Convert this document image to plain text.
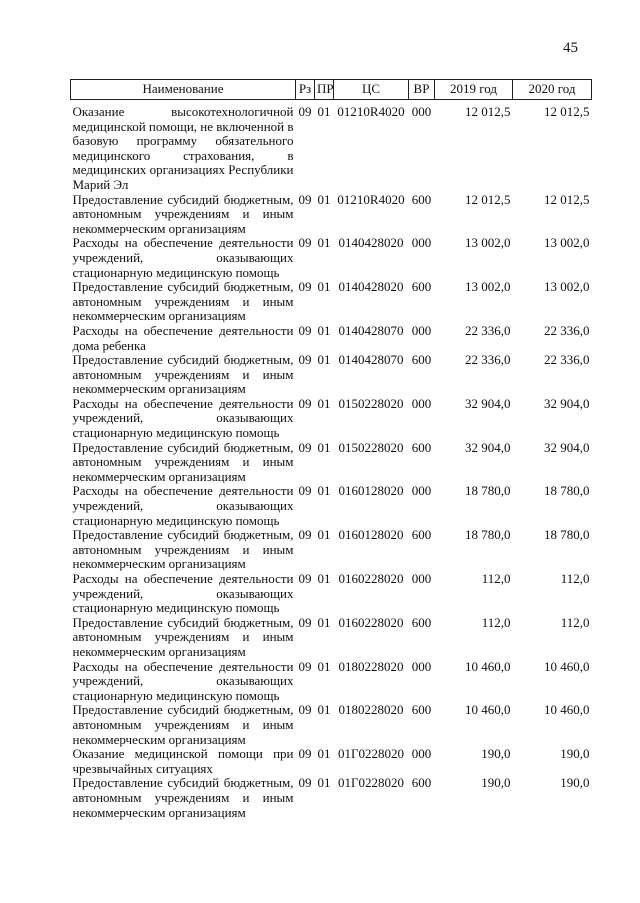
45
Наименование	Рз	ПР	ЦС	ВР	2019 год	2020 год
Оказание высокотехнологичной медицинской помощи, не включенной в базовую программу обязательного медицинского страхования, в медицинских организациях Республики Марий Эл	09	01	01210R4020	000	12 012,5	12 012,5
Предоставление субсидий бюджетным, автономным учреждениям и иным некоммерческим организациям	09	01	01210R4020	600	12 012,5	12 012,5
Расходы на обеспечение деятельности учреждений, оказывающих стационарную медицинскую помощь	09	01	0140428020	000	13 002,0	13 002,0
Предоставление субсидий бюджетным, автономным учреждениям и иным некоммерческим организациям	09	01	0140428020	600	13 002,0	13 002,0
Расходы на обеспечение деятельности дома ребенка	09	01	0140428070	000	22 336,0	22 336,0
Предоставление субсидий бюджетным, автономным учреждениям и иным некоммерческим организациям	09	01	0140428070	600	22 336,0	22 336,0
Расходы на обеспечение деятельности учреждений, оказывающих стационарную медицинскую помощь	09	01	0150228020	000	32 904,0	32 904,0
Предоставление субсидий бюджетным, автономным учреждениям и иным некоммерческим организациям	09	01	0150228020	600	32 904,0	32 904,0
Расходы на обеспечение деятельности учреждений, оказывающих стационарную медицинскую помощь	09	01	0160128020	000	18 780,0	18 780,0
Предоставление субсидий бюджетным, автономным учреждениям и иным некоммерческим организациям	09	01	0160128020	600	18 780,0	18 780,0
Расходы на обеспечение деятельности учреждений, оказывающих стационарную медицинскую помощь	09	01	0160228020	000	112,0	112,0
Предоставление субсидий бюджетным, автономным учреждениям и иным некоммерческим организациям	09	01	0160228020	600	112,0	112,0
Расходы на обеспечение деятельности учреждений, оказывающих стационарную медицинскую помощь	09	01	0180228020	000	10 460,0	10 460,0
Предоставление субсидий бюджетным, автономным учреждениям и иным некоммерческим организациям	09	01	0180228020	600	10 460,0	10 460,0
Оказание медицинской помощи при чрезвычайных ситуациях	09	01	01Г0228020	000	190,0	190,0
Предоставление субсидий бюджетным, автономным учреждениям и иным некоммерческим организациям	09	01	01Г0228020	600	190,0	190,0
